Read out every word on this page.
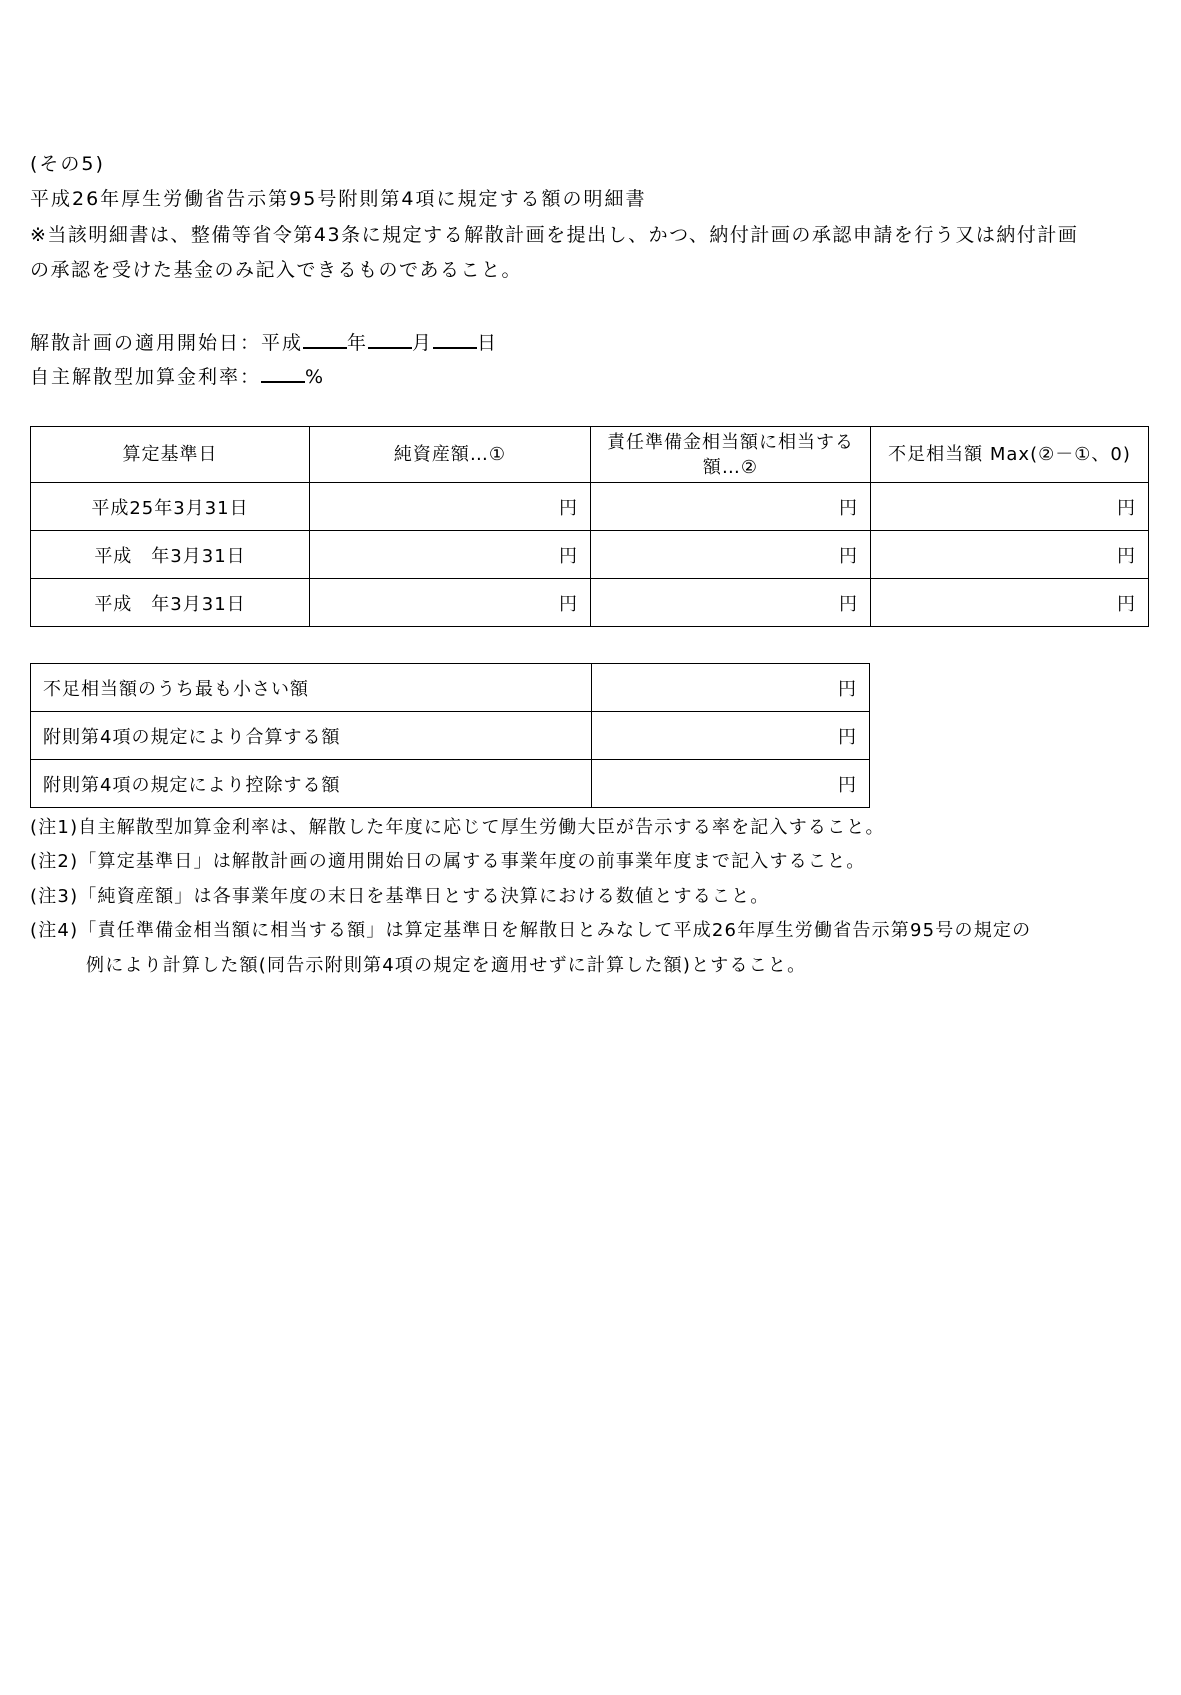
(その5)
平成26年厚生労働省告示第95号附則第4項に規定する額の明細書
※当該明細書は、整備等省令第43条に規定する解散計画を提出し、かつ、納付計画の承認申請を行う又は納付計画
の承認を受けた基金のみ記入できるものであること。
解散計画の適用開始日：平成 年 月 日
自主解散型加算金利率： %
算定基準日	純資産額…①	責任準備金相当額に相当する額…②	不足相当額 Max(②－①、0)
平成25年3月31日	円	円	円
平成　年3月31日	円	円	円
平成　年3月31日	円	円	円
不足相当額のうち最も小さい額	円
附則第4項の規定により合算する額	円
附則第4項の規定により控除する額	円
(注1)自主解散型加算金利率は、解散した年度に応じて厚生労働大臣が告示する率を記入すること。
(注2)「算定基準日」は解散計画の適用開始日の属する事業年度の前事業年度まで記入すること。
(注3)「純資産額」は各事業年度の末日を基準日とする決算における数値とすること。
(注4)「責任準備金相当額に相当する額」は算定基準日を解散日とみなして平成26年厚生労働省告示第95号の規定の
例により計算した額(同告示附則第4項の規定を適用せずに計算した額)とすること。
